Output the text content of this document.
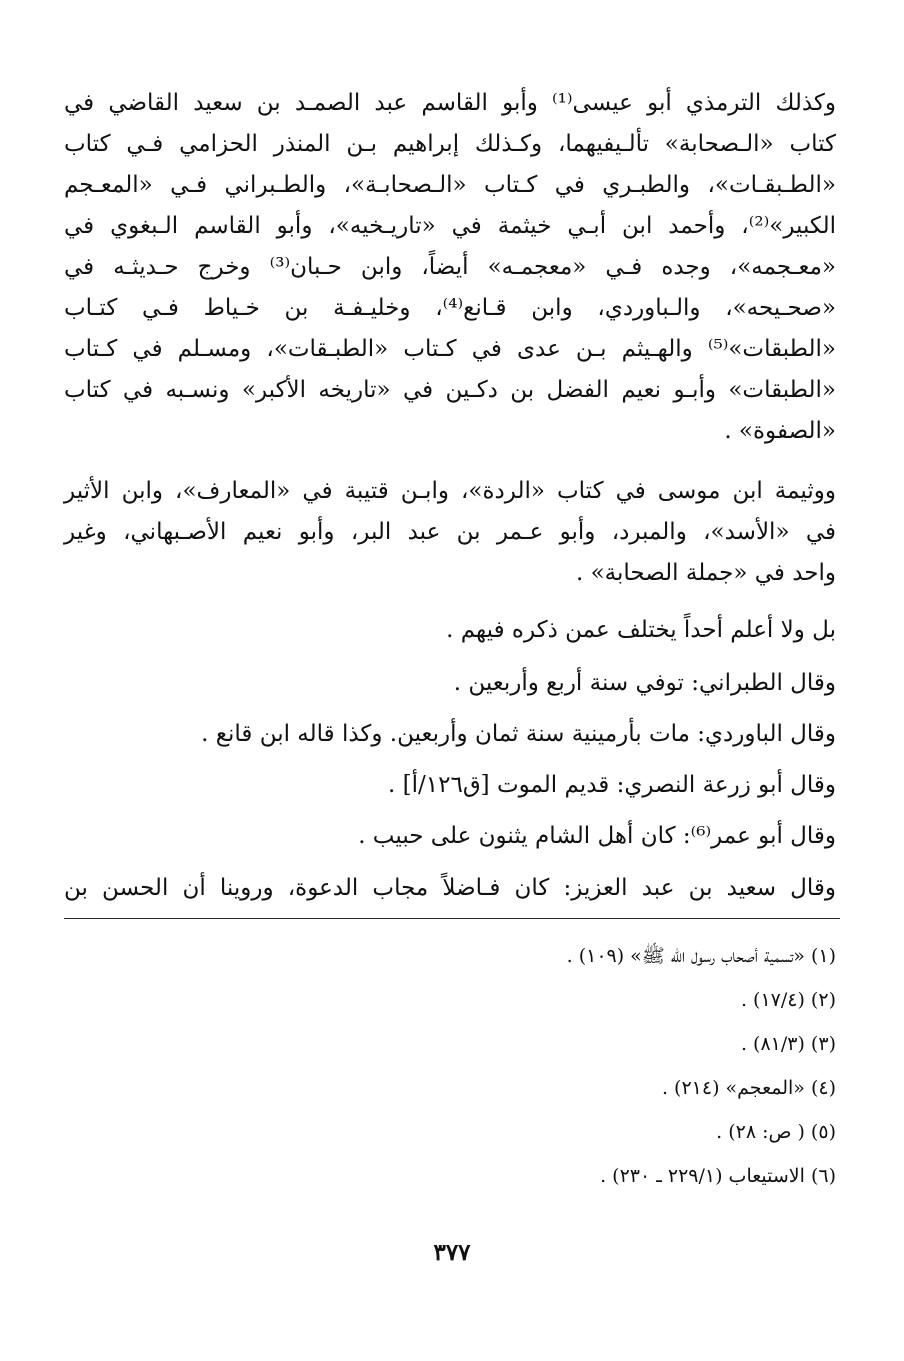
وكذلك الترمذي أبو عيسى⁽¹⁾ وأبو القاسم عبد الصمـد بن سعيد القاضي في
كتاب «الـصحابة» تألـيفيهما، وكـذلك إبراهيم بـن المنذر الحزامي فـي كتاب
«الطـبقـات»، والطبـري في كـتاب «الـصحابـة»، والطـبراني فـي «المعـجم
الكبير»⁽²⁾، وأحمد ابن أبـي خيثمة في «تاريـخيه»، وأبو القاسم الـبغوي في
«معـجمه»، وجده فـي «معجمـه» أيضاً، وابن حـبان⁽³⁾ وخرج حـديثـه في
«صحـيحه»، والـباوردي، وابن قـانع⁽⁴⁾، وخليـفـة بن خـياط فـي كتـاب
«الطبقات»⁽⁵⁾ والهـيثم بـن عدى في كـتاب «الطبـقات»، ومسـلم في كـتاب
«الطبقات» وأبـو نعيم الفضل بن دكـين في «تاريخه الأكبر» ونسـبه في كتاب
«الصفوة» .
ووثيمة ابن موسى في كتاب «الردة»، وابـن قتيبة في «المعارف»، وابن الأثير
في «الأسد»، والمبرد، وأبو عـمر بن عبد البر، وأبو نعيم الأصـبهاني، وغير
واحد في «جملة الصحابة» .
بل ولا أعلم أحداً يختلف عمن ذكره فيهم .
وقال الطبراني: توفي سنة أربع وأربعين .
وقال الباوردي: مات بأرمينية سنة ثمان وأربعين. وكذا قاله ابن قانع .
وقال أبو زرعة النصري: قديم الموت [ق١٢٦/أ] .
وقال أبو عمر⁽⁶⁾: كان أهل الشام يثنون على حبيب .
وقال سعيد بن عبد العزيز: كان فـاضلاً مجاب الدعوة، وروينا أن الحسن بن
(١) «تسمية أصحاب رسول الله ﷺ» (١٠٩) .
(٢) (١٧/٤) .
(٣) (٨١/٣) .
(٤) «المعجم» (٢١٤) .
(٥) ( ص: ٢٨) .
(٦) الاستيعاب (٢٢٩/١ ـ ٢٣٠) .
٣٧٧
